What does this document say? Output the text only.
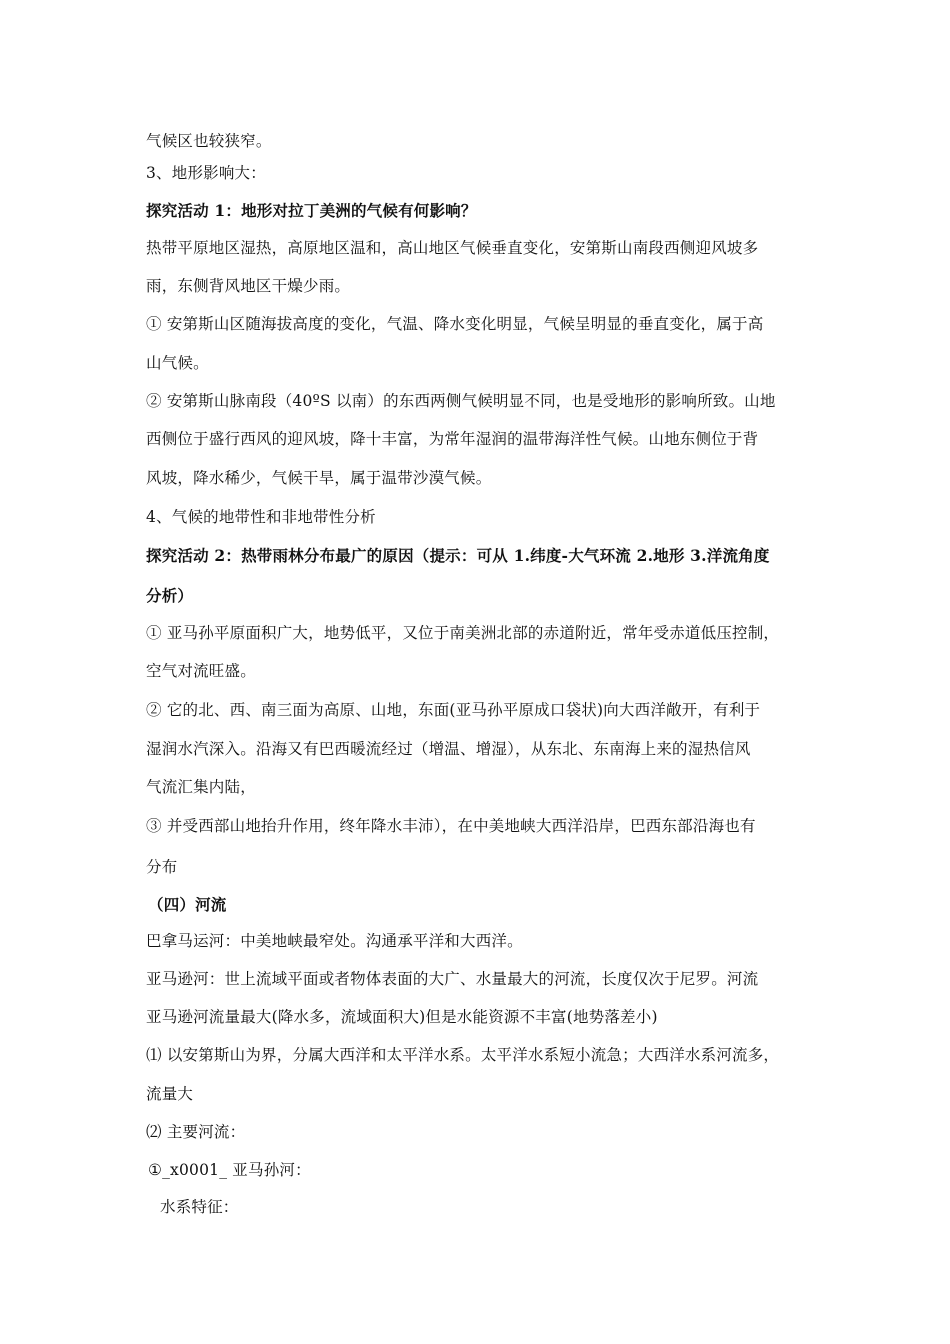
气候区也较狭窄。
3、地形影响大：
探究活动 1：地形对拉丁美洲的气候有何影响？
热带平原地区湿热，高原地区温和，高山地区气候垂直变化，安第斯山南段西侧迎风坡多
雨，东侧背风地区干燥少雨。
① 安第斯山区随海拔高度的变化，气温、降水变化明显，气候呈明显的垂直变化，属于高
山气候。
② 安第斯山脉南段（40ºS 以南）的东西两侧气候明显不同，也是受地形的影响所致。山地
西侧位于盛行西风的迎风坡，降十丰富，为常年湿润的温带海洋性气候。山地东侧位于背
风坡，降水稀少，气候干旱，属于温带沙漠气候。
4、气候的地带性和非地带性分析
探究活动 2：热带雨林分布最广的原因（提示：可从 1.纬度-大气环流 2.地形 3.洋流角度
分析）
① 亚马孙平原面积广大，地势低平，又位于南美洲北部的赤道附近，常年受赤道低压控制，
空气对流旺盛。
② 它的北、西、南三面为高原、山地，东面(亚马孙平原成口袋状)向大西洋敞开，有利于
湿润水汽深入。沿海又有巴西暖流经过（增温、增湿），从东北、东南海上来的湿热信风
气流汇集内陆，
③ 并受西部山地抬升作用，终年降水丰沛），在中美地峡大西洋沿岸，巴西东部沿海也有
分布
（四）河流
巴拿马运河：中美地峡最窄处。沟通承平洋和大西洋。
亚马逊河：世上流域平面或者物体表面的大广、水量最大的河流，长度仅次于尼罗。河流
亚马逊河流量最大(降水多，流域面积大)但是水能资源不丰富(地势落差小)
⑴ 以安第斯山为界，分属大西洋和太平洋水系。太平洋水系短小流急；大西洋水系河流多，
流量大
⑵ 主要河流：
①_x0001_ 亚马孙河：
水系特征：
